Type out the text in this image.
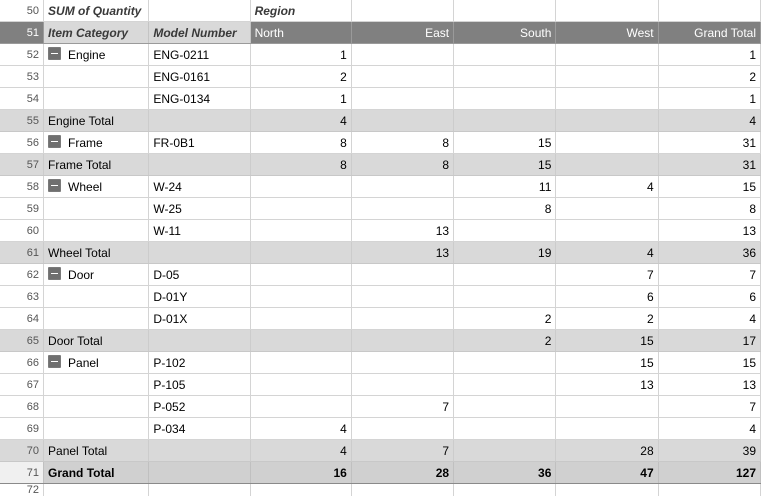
50	SUM of Quantity		Region				
51	Item Category	Model Number	North	East	South	West	Grand Total
52	Engine	ENG-0211	1				1
53		ENG-0161	2				2
54		ENG-0134	1				1
55	Engine Total		4				4
56	Frame	FR-0B1	8	8	15		31
57	Frame Total		8	8	15		31
58	Wheel	W-24			11	4	15
59		W-25			8		8
60		W-11		13			13
61	Wheel Total			13	19	4	36
62	Door	D-05				7	7
63		D-01Y				6	6
64		D-01X			2	2	4
65	Door Total				2	15	17
66	Panel	P-102				15	15
67		P-105				13	13
68		P-052		7			7
69		P-034	4				4
70	Panel Total		4	7		28	39
71	Grand Total		16	28	36	47	127
72							
